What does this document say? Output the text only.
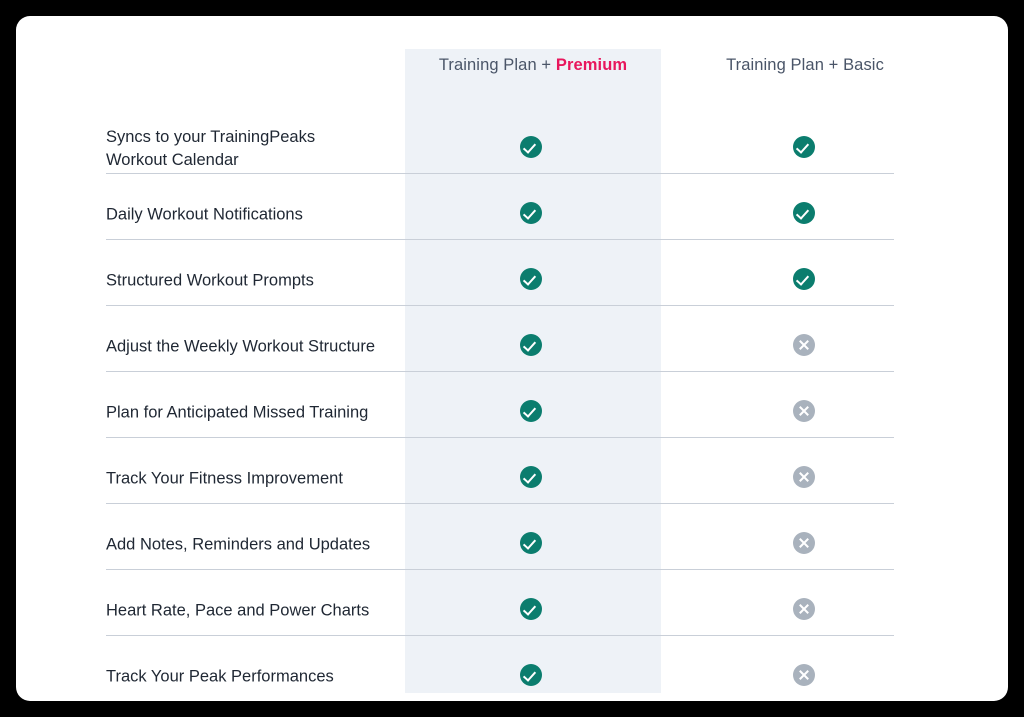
Training Plan + Premium	Training Plan + Basic
Syncs to your TrainingPeaks Workout Calendar
Daily Workout Notifications
Structured Workout Prompts
Adjust the Weekly Workout Structure
Plan for Anticipated Missed Training
Track Your Fitness Improvement
Add Notes, Reminders and Updates
Heart Rate, Pace and Power Charts
Track Your Peak Performances
